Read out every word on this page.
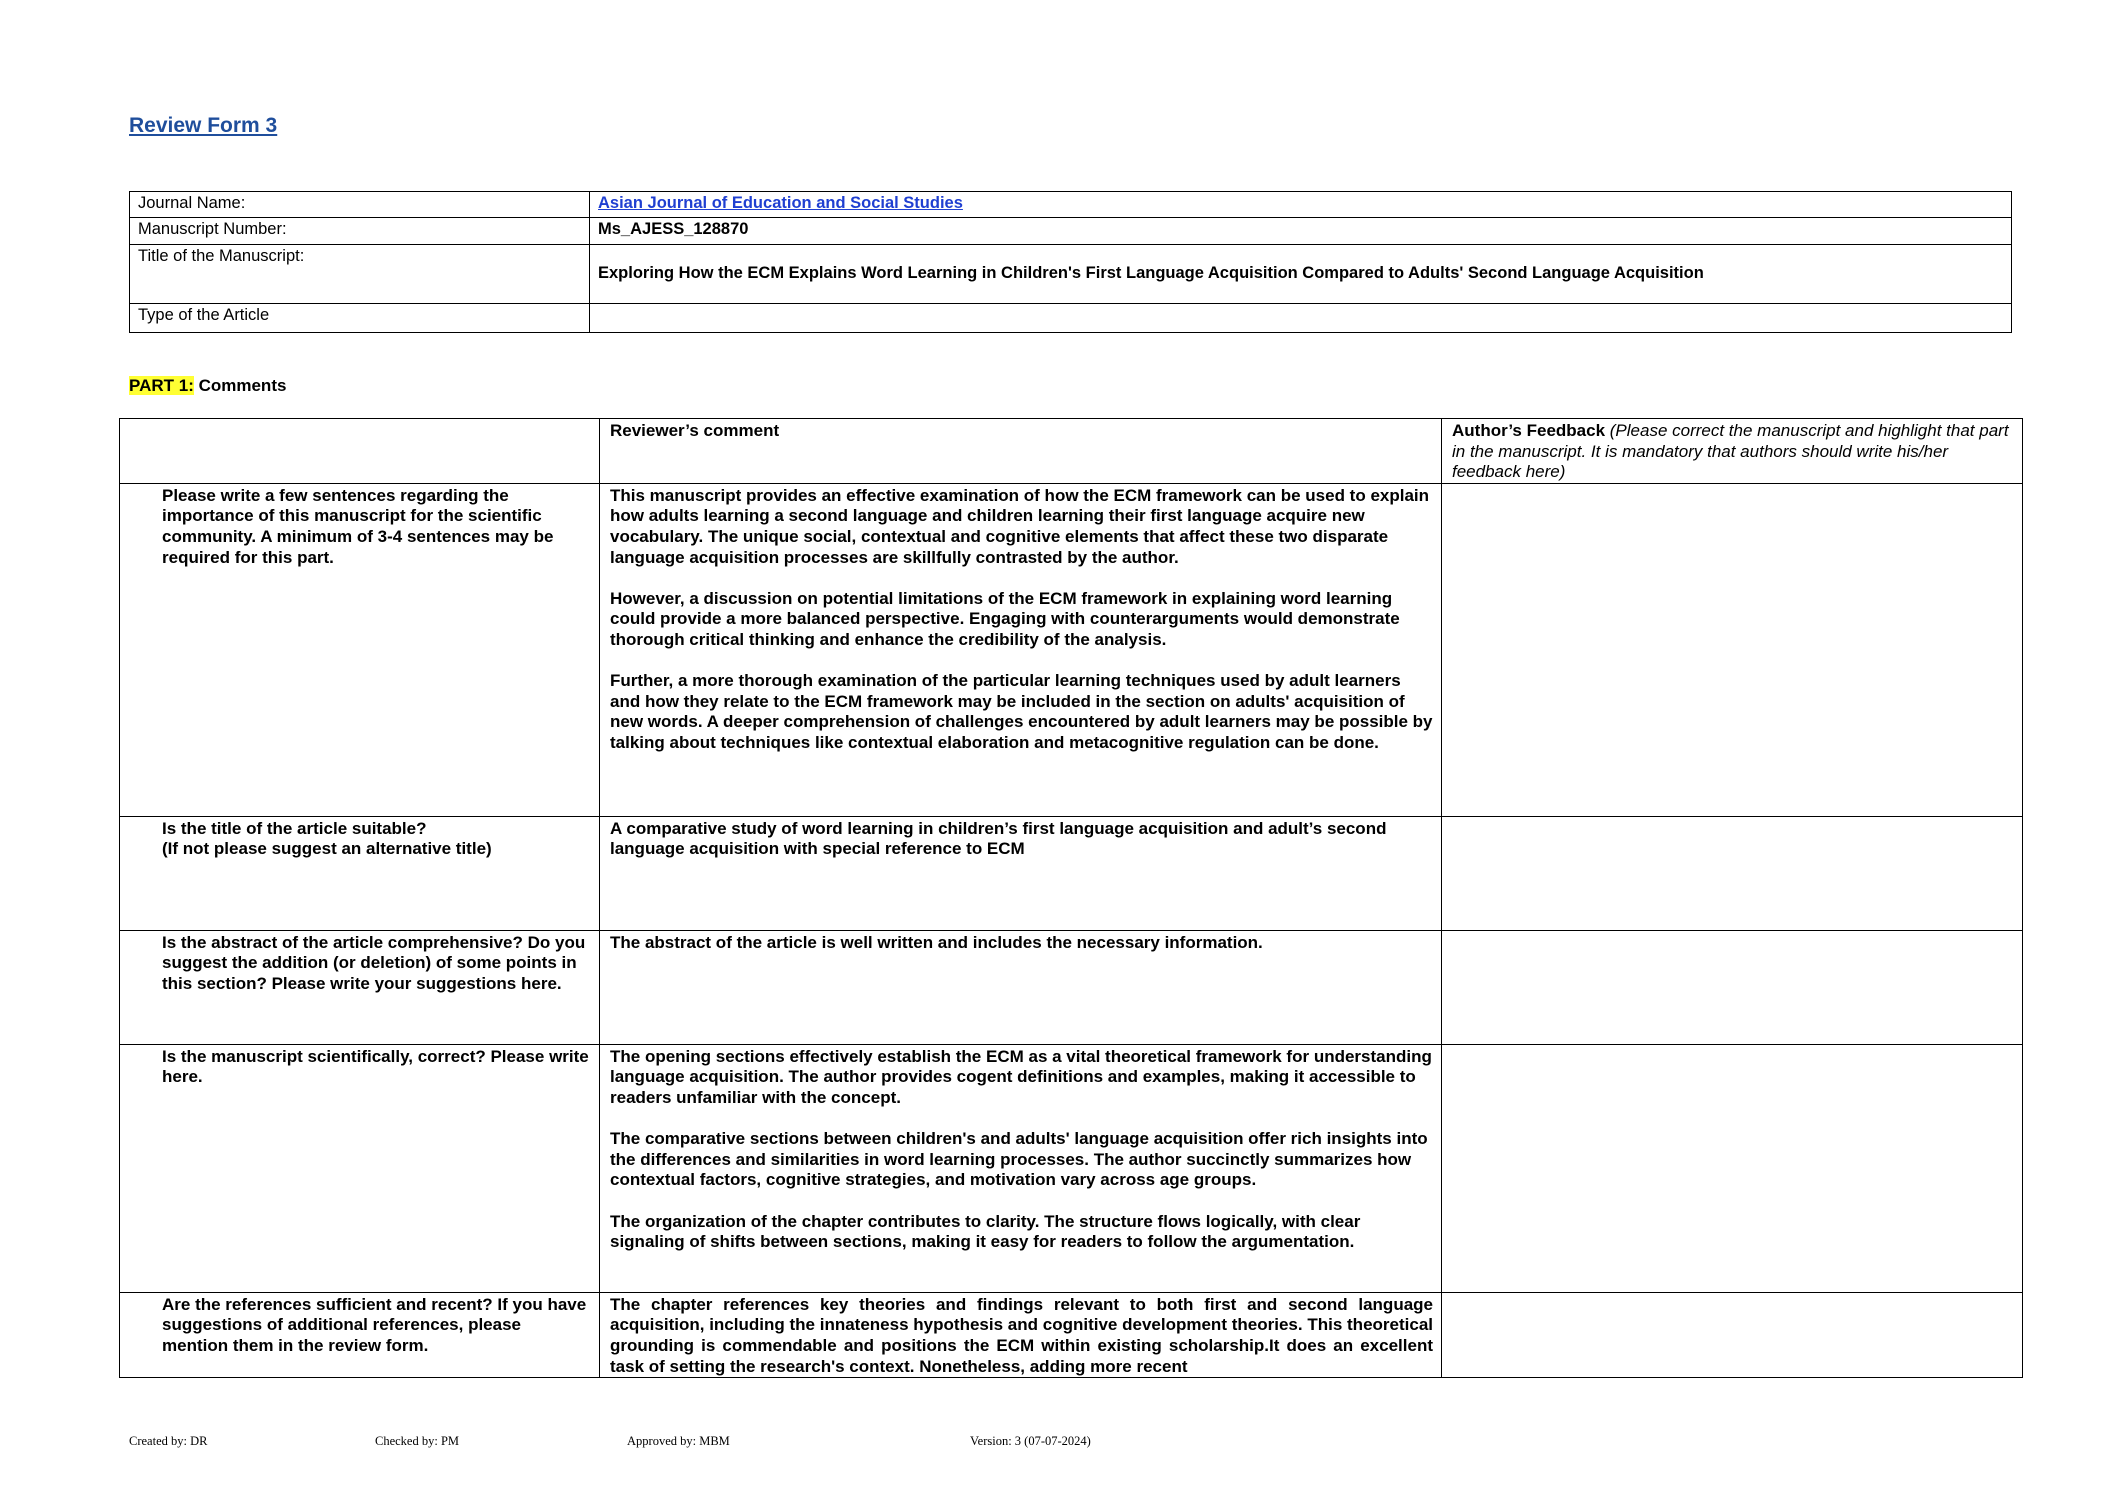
Review Form 3
Journal Name:	Asian Journal of Education and Social Studies
Manuscript Number:	Ms_AJESS_128870
Title of the Manuscript:	Exploring How the ECM Explains Word Learning in Children's First Language Acquisition Compared to Adults' Second Language Acquisition

Type of the Article	
PART 1: Comments
	Reviewer’s comment	Author’s Feedback (Please correct the manuscript and highlight that part in the manuscript. It is mandatory that authors should write his/her feedback here)
Please write a few sentences regarding the importance of this manuscript for the scientific community. A minimum of 3-4 sentences may be required for this part.	This manuscript provides an effective examination of how the ECM framework can be used to explain how adults learning a second language and children learning their first language acquire new vocabulary. The unique social, contextual and cognitive elements that affect these two disparate language acquisition processes are skillfully contrasted by the author.

However, a discussion on potential limitations of the ECM framework in explaining word learning could provide a more balanced perspective. Engaging with counterarguments would demonstrate thorough critical thinking and enhance the credibility of the analysis.

Further, a more thorough examination of the particular learning techniques used by adult learners and how they relate to the ECM framework may be included in the section on adults' acquisition of new words. A deeper comprehension of challenges encountered by adult learners may be possible by talking about techniques like contextual elaboration and metacognitive regulation can be done.	

Is the title of the article suitable?
(If not please suggest an alternative title)	A comparative study of word learning in children’s first language acquisition and adult’s second language acquisition with special reference to ECM	

Is the abstract of the article comprehensive? Do you suggest the addition (or deletion) of some points in this section? Please write your suggestions here.	The abstract of the article is well written and includes the necessary information.	

Is the manuscript scientifically, correct? Please write here.	The opening sections effectively establish the ECM as a vital theoretical framework for understanding language acquisition. The author provides cogent definitions and examples, making it accessible to readers unfamiliar with the concept.

The comparative sections between children's and adults' language acquisition offer rich insights into the differences and similarities in word learning processes. The author succinctly summarizes how contextual factors, cognitive strategies, and motivation vary across age groups.

The organization of the chapter contributes to clarity. The structure flows logically, with clear signaling of shifts between sections, making it easy for readers to follow the argumentation.	

Are the references sufficient and recent? If you have suggestions of additional references, please mention them in the review form.	The chapter references key theories and findings relevant to both first and second language acquisition, including the innateness hypothesis and cognitive development theories. This theoretical grounding is commendable and positions the ECM within existing scholarship.It does an excellent task of setting the research's context. Nonetheless, adding more recent	

Created by: DR	Checked by: PM	Approved by: MBM	Version: 3 (07-07-2024)
